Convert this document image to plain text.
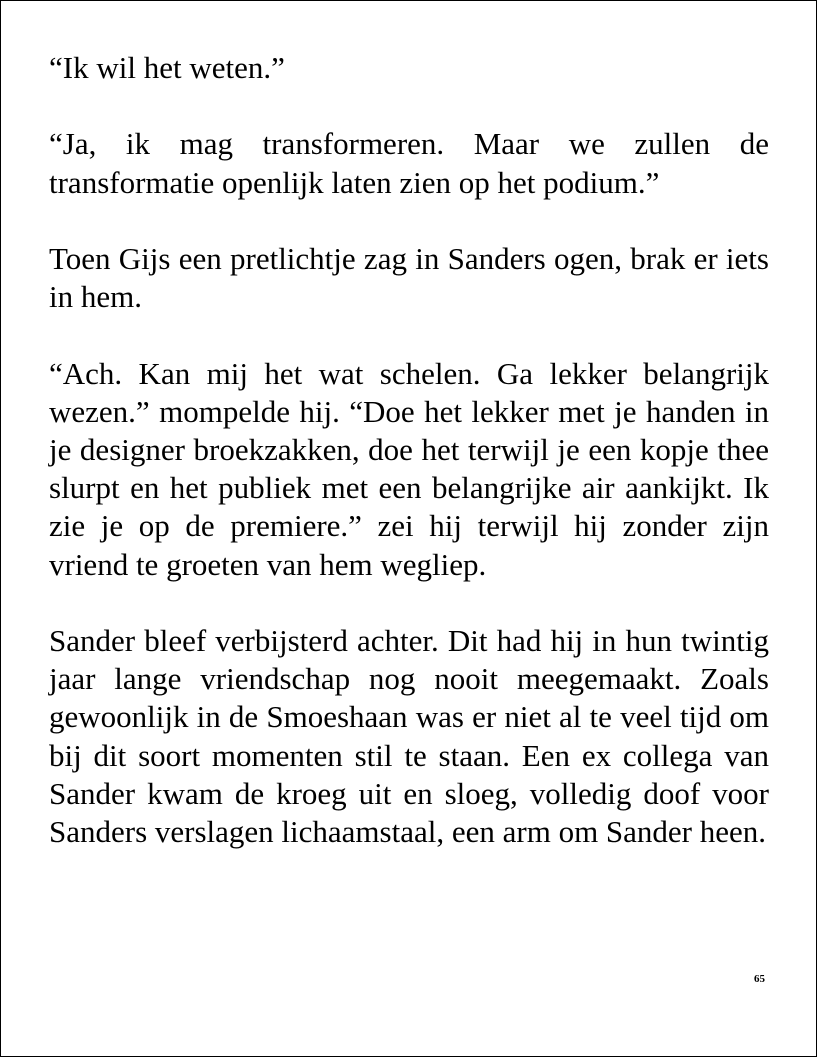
“Ik wil het weten.”

“Ja, ik mag transformeren. Maar we zullen de transformatie openlijk laten zien op het podium.”

Toen Gijs een pretlichtje zag in Sanders ogen, brak er iets in hem.

“Ach. Kan mij het wat schelen. Ga lekker belangrijk wezen.” mompelde hij. “Doe het lekker met je handen in je designer broekzakken, doe het terwijl je een kopje thee slurpt en het publiek met een belangrijke air aankijkt. Ik zie je op de premiere.” zei hij terwijl hij zonder zijn vriend te groeten van hem wegliep.

Sander bleef verbijsterd achter. Dit had hij in hun twintig jaar lange vriendschap nog nooit meegemaakt. Zoals gewoonlijk in de Smoeshaan was er niet al te veel tijd om bij dit soort momenten stil te staan. Een ex collega van Sander kwam de kroeg uit en sloeg, volledig doof voor Sanders verslagen lichaamstaal, een arm om Sander heen.

65
